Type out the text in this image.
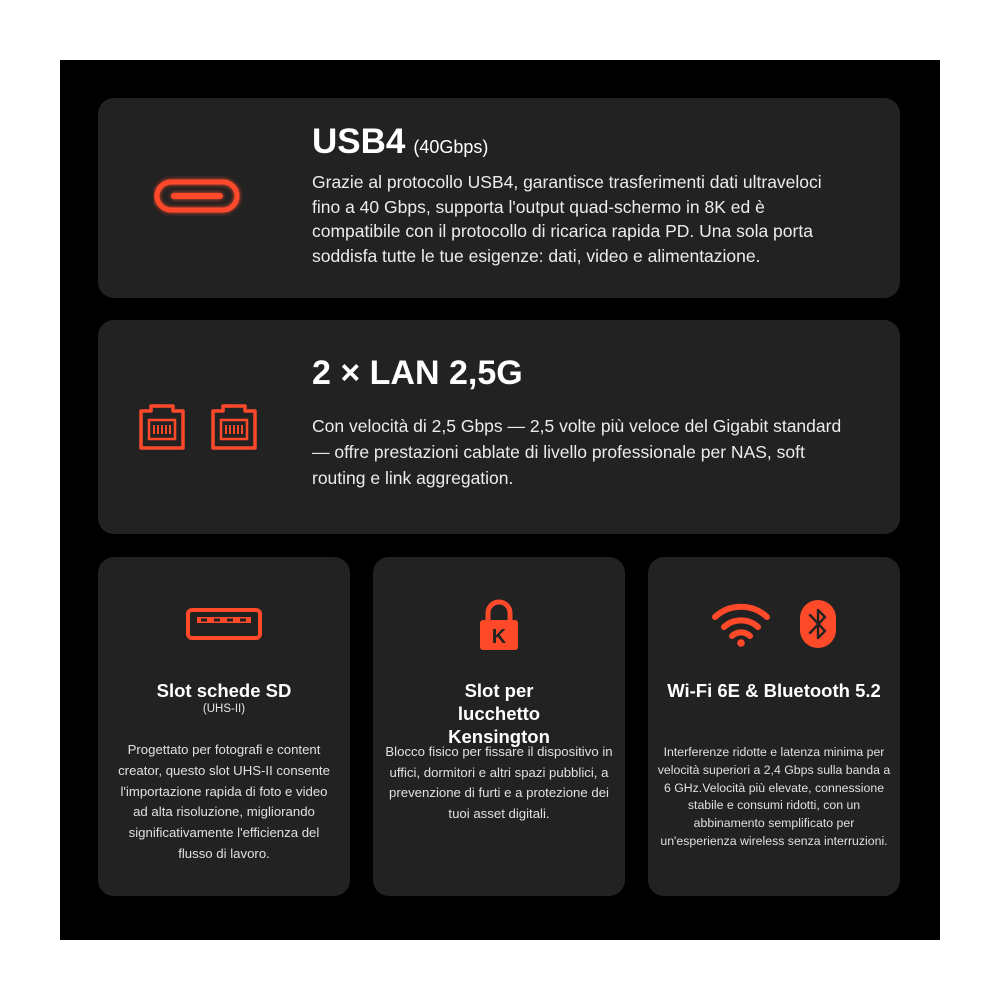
USB4 (40Gbps)
Grazie al protocollo USB4, garantisce trasferimenti dati ultraveloci fino a 40 Gbps, supporta l'output quad-schermo in 8K ed è compatibile con il protocollo di ricarica rapida PD. Una sola porta soddisfa tutte le tue esigenze: dati, video e alimentazione.
2 × LAN 2,5G
Con velocità di 2,5 Gbps — 2,5 volte più veloce del Gigabit standard — offre prestazioni cablate di livello professionale per NAS, soft routing e link aggregation.
Slot schede SD
(UHS-II)
Progettato per fotografi e content creator, questo slot UHS-II consente l'importazione rapida di foto e video ad alta risoluzione, migliorando significativamente l'efficienza del flusso di lavoro.
K
Slot per lucchetto Kensington
Blocco fisico per fissare il dispositivo in uffici, dormitori e altri spazi pubblici, a prevenzione di furti e a protezione dei tuoi asset digitali.
Wi-Fi 6E & Bluetooth 5.2
Interferenze ridotte e latenza minima per velocità superiori a 2,4 Gbps sulla banda a 6 GHz.Velocità più elevate, connessione stabile e consumi ridotti, con un abbinamento semplificato per un'esperienza wireless senza interruzioni.
